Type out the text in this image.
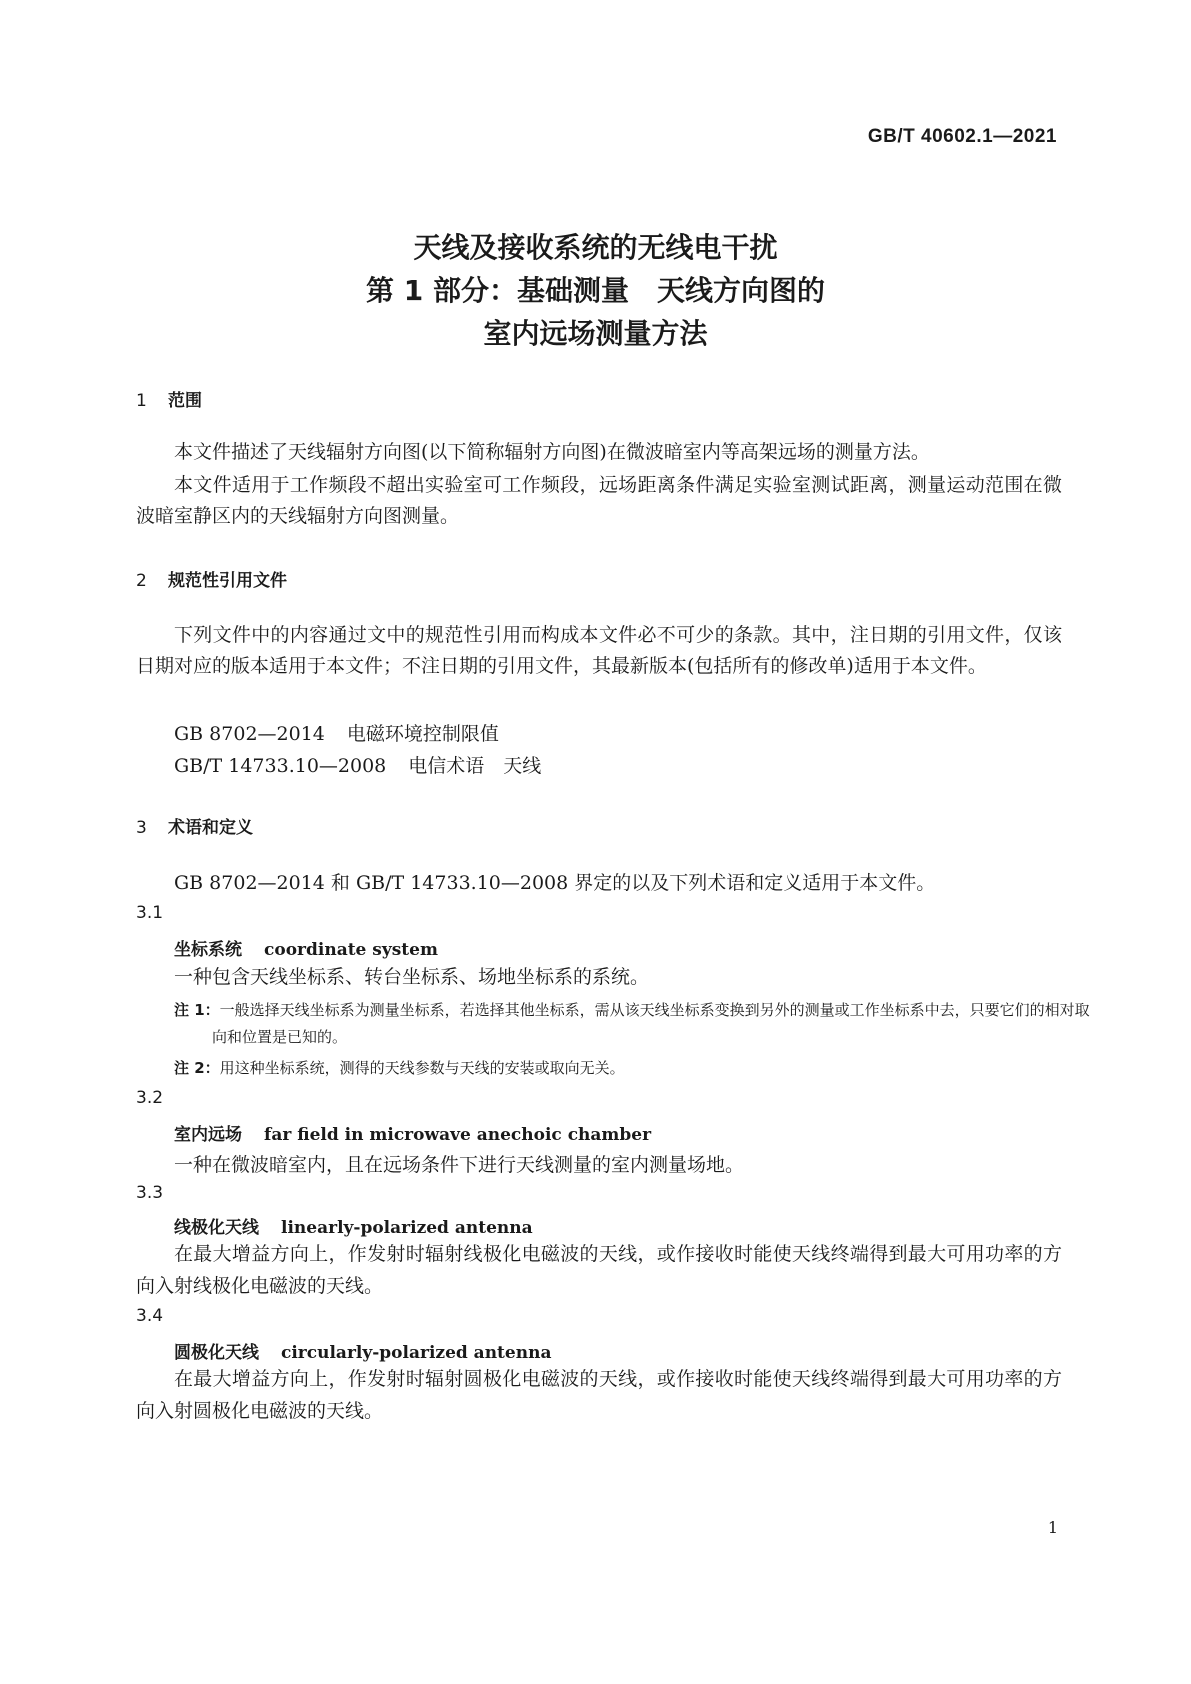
GB/T 40602.1—2021
天线及接收系统的无线电干扰
第 1 部分：基础测量　天线方向图的
室内远场测量方法
1 范围

本文件描述了天线辐射方向图(以下简称辐射方向图)在微波暗室内等高架远场的测量方法。

本文件适用于工作频段不超出实验室可工作频段，远场距离条件满足实验室测试距离，测量运动范围在微波暗室静区内的天线辐射方向图测量。

2 规范性引用文件

下列文件中的内容通过文中的规范性引用而构成本文件必不可少的条款。其中，注日期的引用文件，仅该日期对应的版本适用于本文件；不注日期的引用文件，其最新版本(包括所有的修改单)适用于本文件。

GB 8702—2014 电磁环境控制限值
GB/T 14733.10—2008 电信术语　天线
3 术语和定义
GB 8702—2014 和 GB/T 14733.10—2008 界定的以及下列术语和定义适用于本文件。
3.1
坐标系统 coordinate system
一种包含天线坐标系、转台坐标系、场地坐标系的系统。

注 1：一般选择天线坐标系为测量坐标系，若选择其他坐标系，需从该天线坐标系变换到另外的测量或工作坐标系中去，只要它们的相对取向和位置是已知的。

注 2：用这种坐标系统，测得的天线参数与天线的安装或取向无关。

3.2
室内远场 far field in microwave anechoic chamber
一种在微波暗室内，且在远场条件下进行天线测量的室内测量场地。
3.3
线极化天线 linearly-polarized antenna

在最大增益方向上，作发射时辐射线极化电磁波的天线，或作接收时能使天线终端得到最大可用功率的方向入射线极化电磁波的天线。

3.4
圆极化天线 circularly-polarized antenna

在最大增益方向上，作发射时辐射圆极化电磁波的天线，或作接收时能使天线终端得到最大可用功率的方向入射圆极化电磁波的天线。

1
